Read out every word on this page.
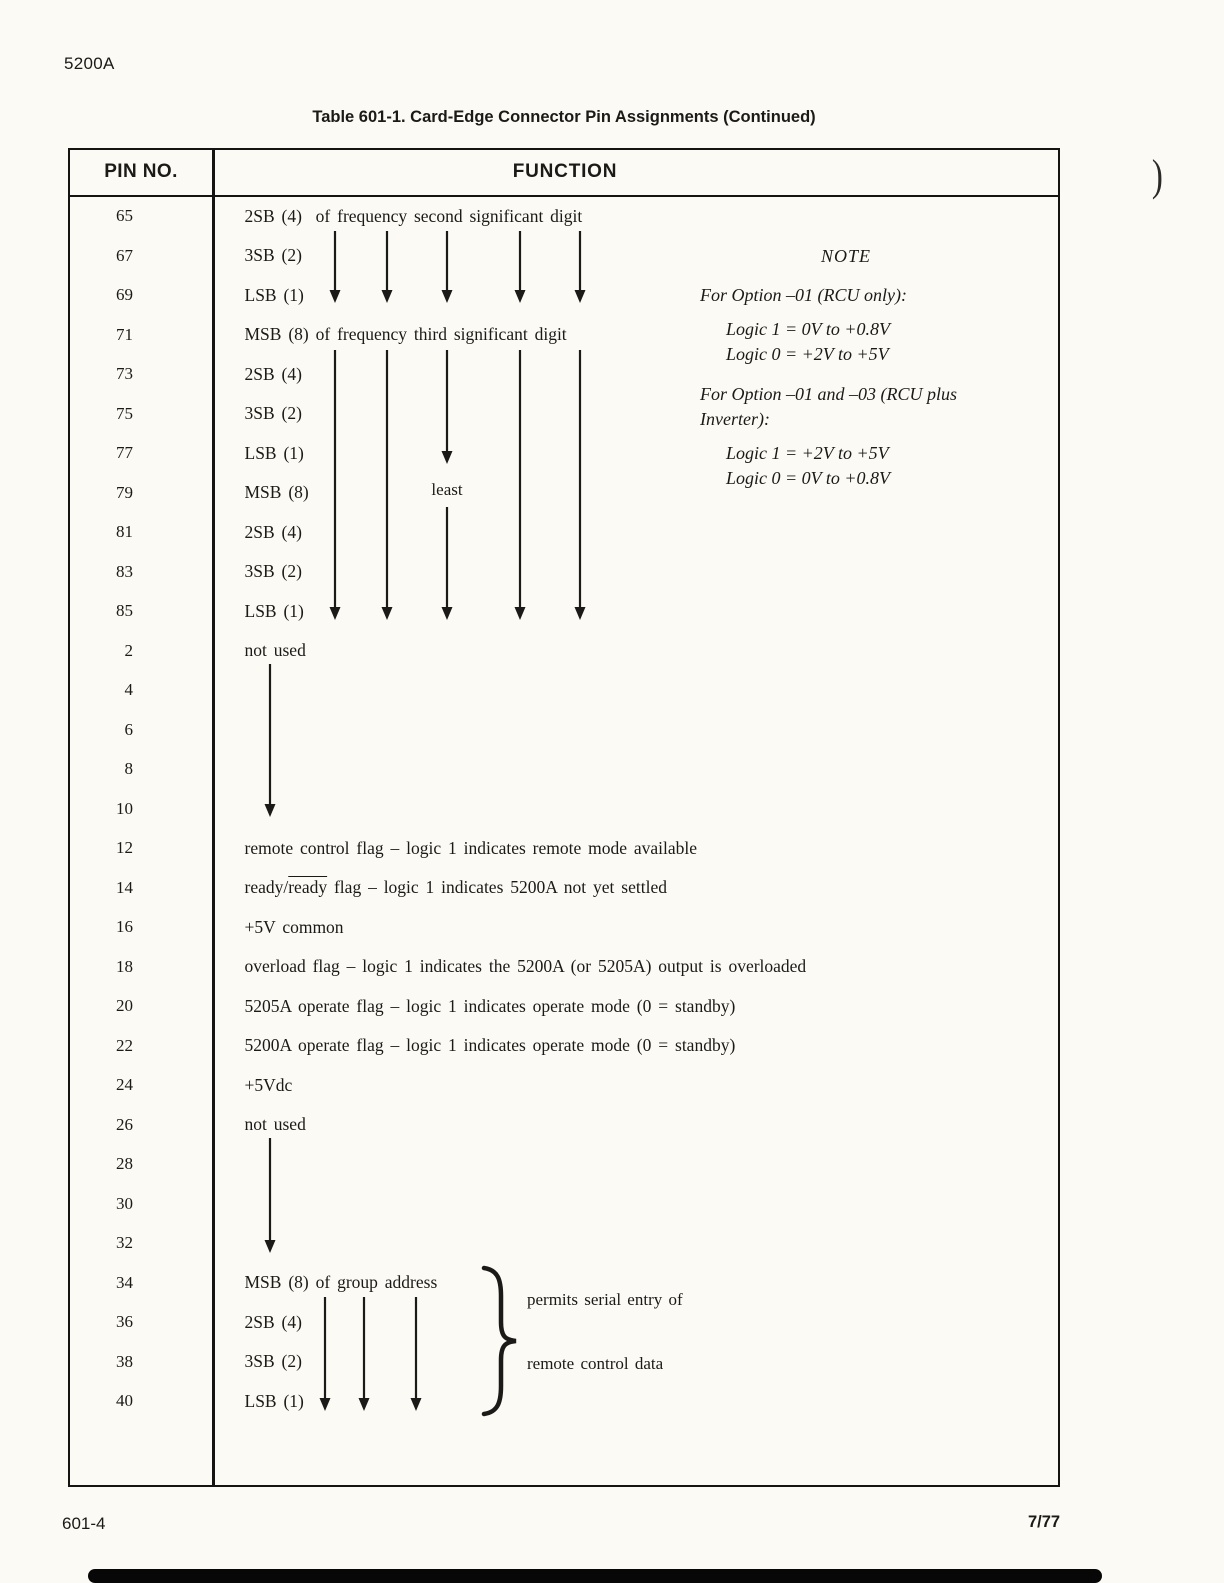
5200A
Table 601-1. Card-Edge Connector Pin Assignments (Continued)
PIN NO.	FUNCTION
65	2SB (4)  of frequency second significant digit
67	3SB (2)
69	LSB (1)
71	MSB (8) of frequency third significant digit
73	2SB (4)
75	3SB (2)
77	LSB (1)
79	MSB (8)
81	2SB (4)
83	3SB (2)
85	LSB (1)
2	not used
4
6
8
10
12	remote control flag – logic 1 indicates remote mode available
14	ready/ready flag – logic 1 indicates 5200A not yet settled
16	+5V common
18	overload flag – logic 1 indicates the 5200A (or 5205A) output is overloaded
20	5205A operate flag – logic 1 indicates operate mode (0 = standby)
22	5200A operate flag – logic 1 indicates operate mode (0 = standby)
24	+5Vdc
26	not used
28
30
32
34	MSB (8) of group address
36	2SB (4)
38	3SB (2)
40	LSB (1)
least
NOTE
For Option –01 (RCU only):
Logic 1 = 0V to +0.8V
Logic 0 = +2V to +5V
For Option –01 and –03 (RCU plus Inverter):
Logic 1 = +2V to +5V
Logic 0 = 0V to +0.8V
permits serial entry of
remote control data
601-4	7/77
)
